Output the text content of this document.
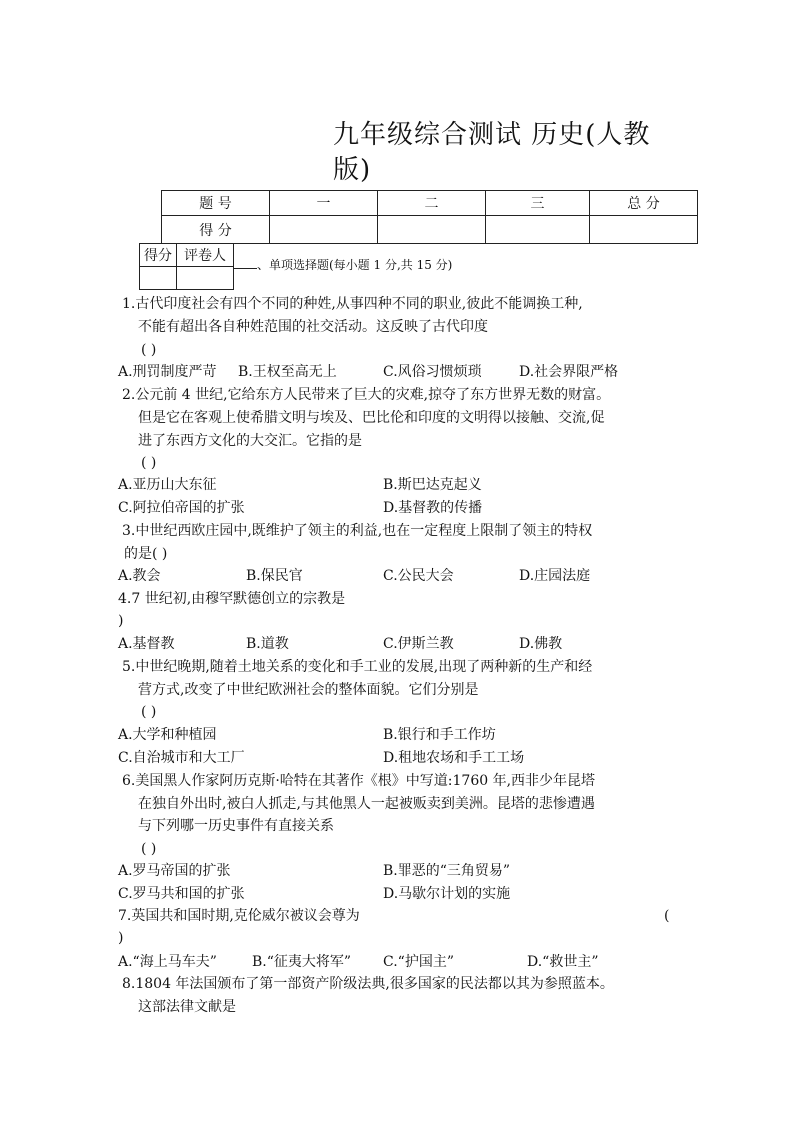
九年级综合测试 历史(人教
版)
题 号	一	二	三	总 分
得 分				
得分	评卷人

、单项选择题(每小题 1 分,共 15 分)
1.古代印度社会有四个不同的种姓,从事四种不同的职业,彼此不能调换工种,
不能有超出各自种姓范围的社交活动。这反映了古代印度
( )
A.刑罚制度严苛 B.王权至高无上	C.风俗习惯烦琐	D.社会界限严格
2.公元前 4 世纪,它给东方人民带来了巨大的灾难,掠夺了东方世界无数的财富。
但是它在客观上使希腊文明与埃及、巴比伦和印度的文明得以接触、交流,促
进了东西方文化的大交汇。它指的是
( )
A.亚历山大东征	B.斯巴达克起义
C.阿拉伯帝国的扩张	D.基督教的传播
3.中世纪西欧庄园中,既维护了领主的利益,也在一定程度上限制了领主的特权
的是( )
A.教会	B.保民官	C.公民大会	D.庄园法庭
4.7 世纪初,由穆罕默德创立的宗教是
)
A.基督教	B.道教	C.伊斯兰教	D.佛教
5.中世纪晚期,随着土地关系的变化和手工业的发展,出现了两种新的生产和经
营方式,改变了中世纪欧洲社会的整体面貌。它们分别是
( )
A.大学和种植园	B.银行和手工作坊
C.自治城市和大工厂	D.租地农场和手工工场
6.美国黑人作家阿历克斯·哈特在其著作《根》中写道:1760 年,西非少年昆塔
在独自外出时,被白人抓走,与其他黑人一起被贩卖到美洲。昆塔的悲惨遭遇
与下列哪一历史事件有直接关系
( )
A.罗马帝国的扩张	B.罪恶的“三角贸易”
C.罗马共和国的扩张	D.马歇尔计划的实施
7.英国共和国时期,克伦威尔被议会尊为	(
)
A.“海上马车夫”	B.“征夷大将军” C.“护国主”	D.“救世主”
8.1804 年法国颁布了第一部资产阶级法典,很多国家的民法都以其为参照蓝本。
这部法律文献是
